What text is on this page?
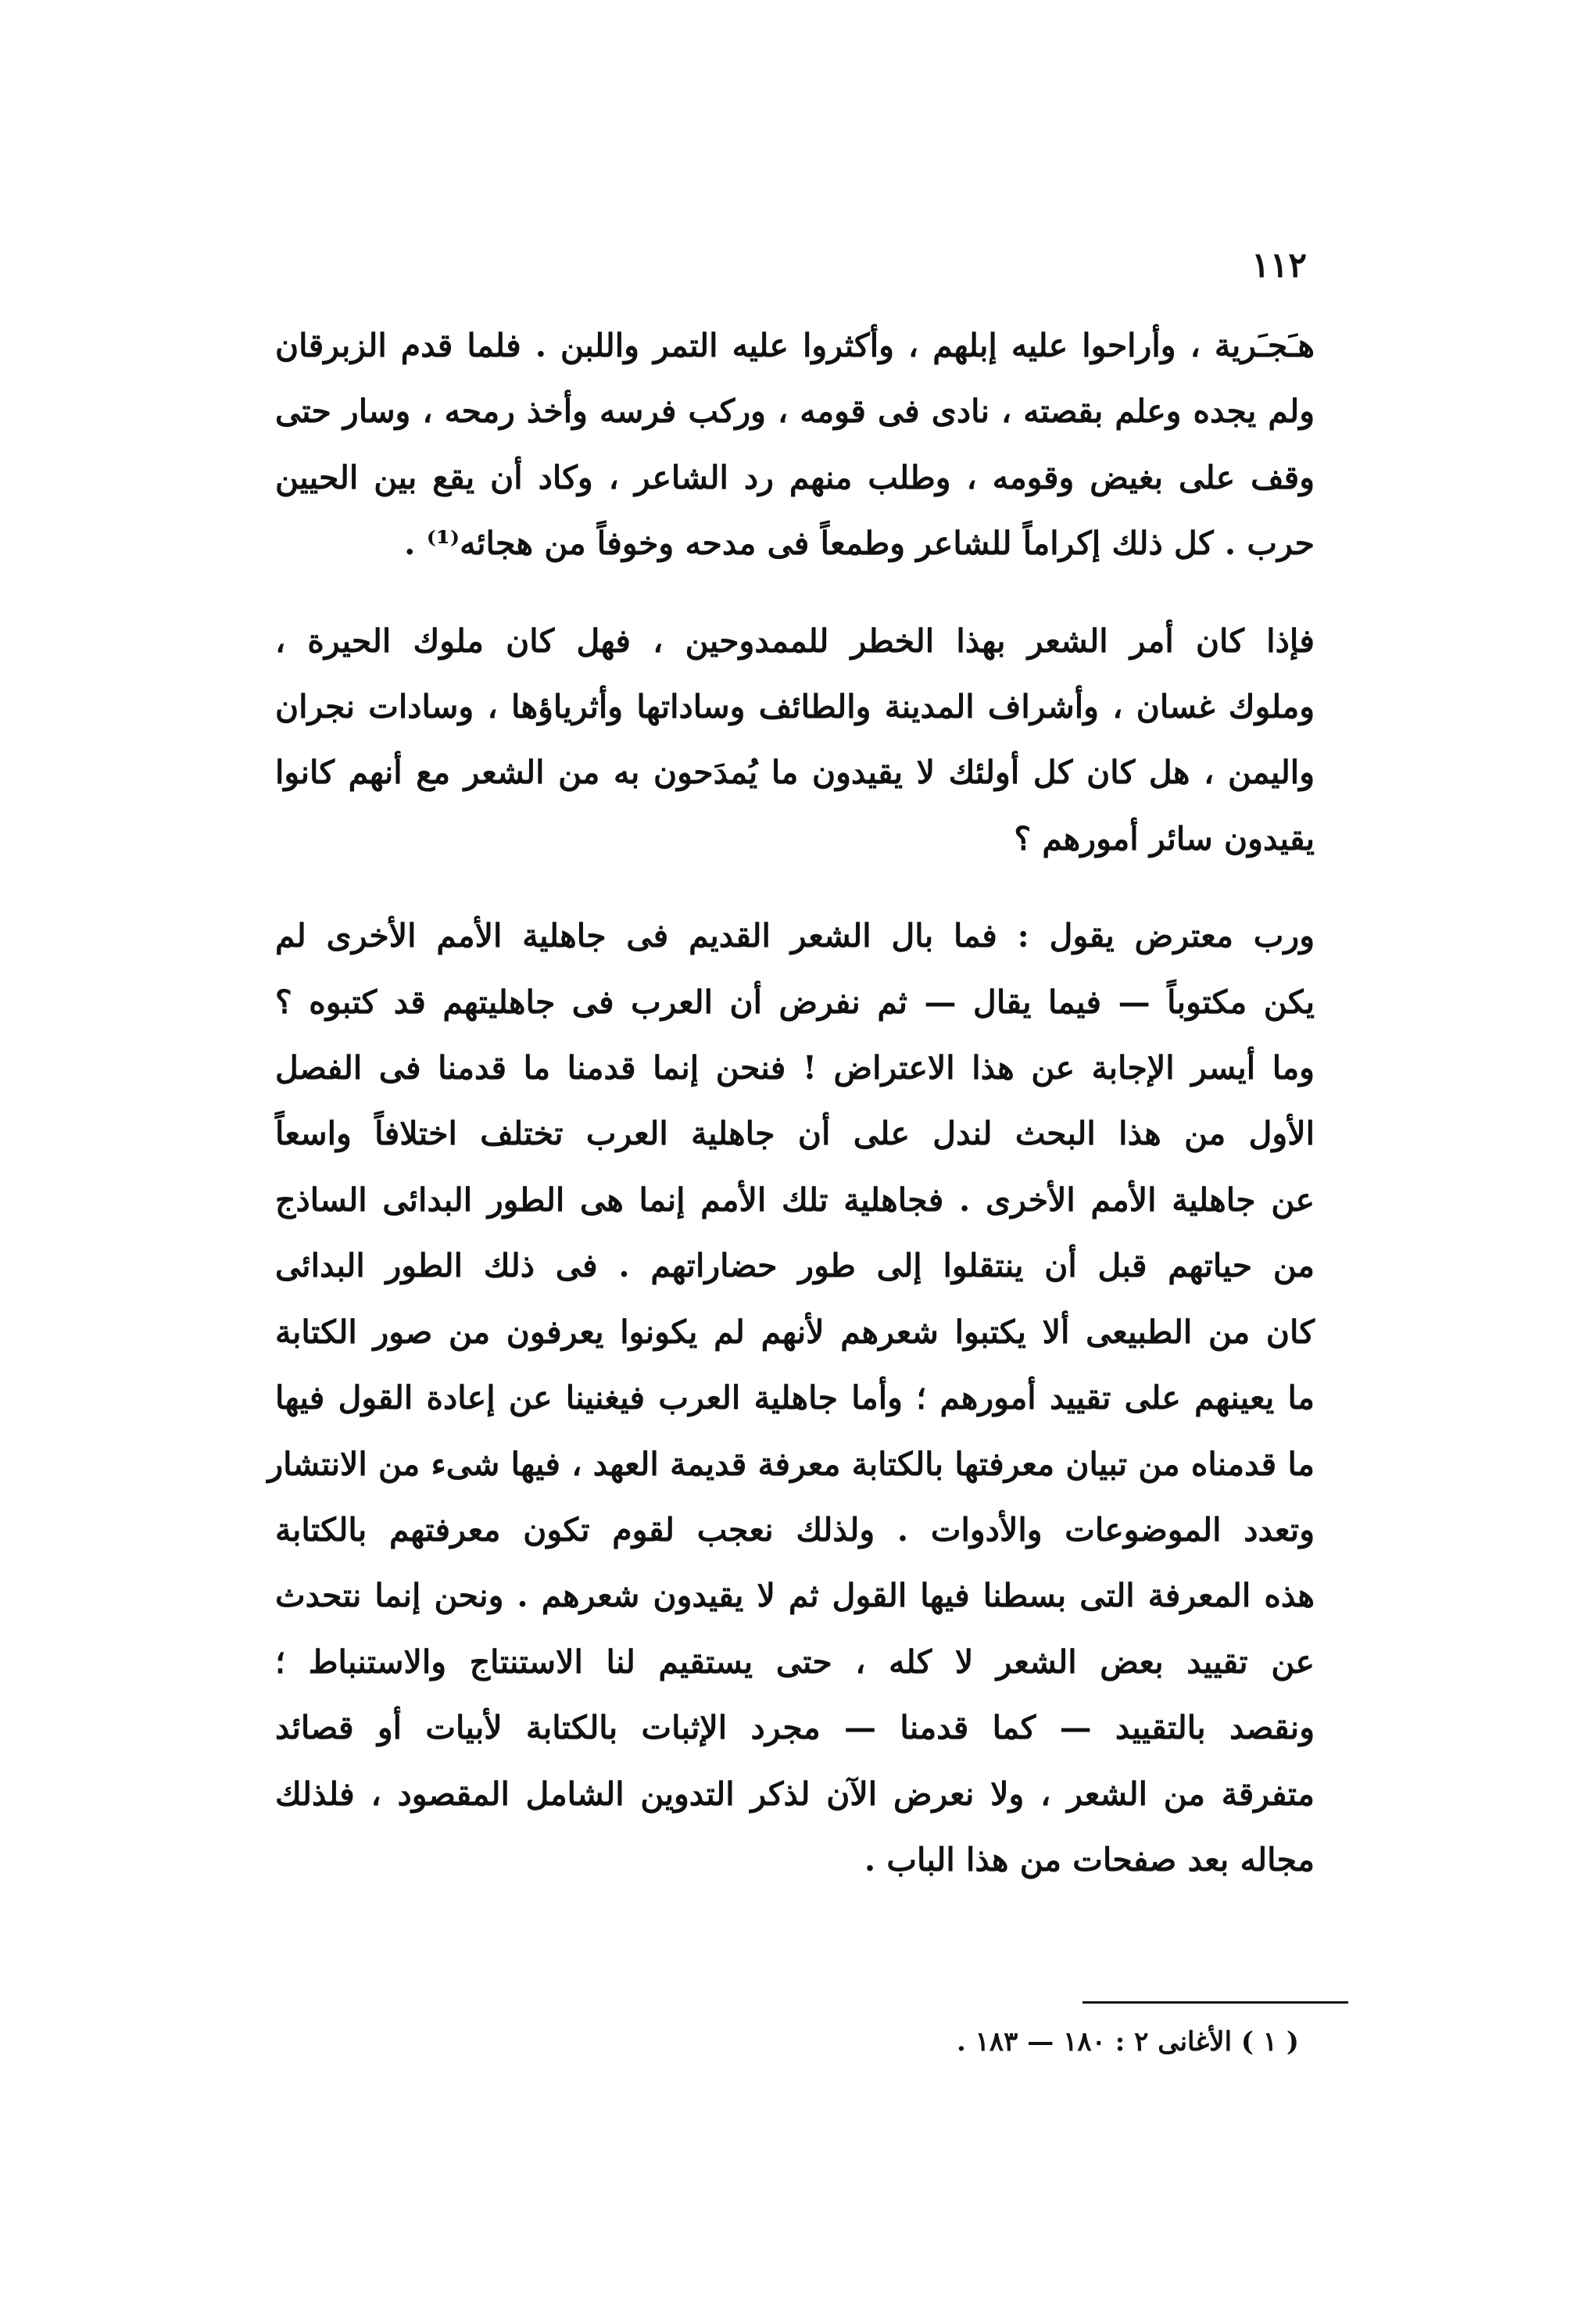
١١٢

هـَجـَرية ، وأراحوا عليه إبلهم ، وأكثروا عليه التمر واللبن . فلما قدم الزبرقان
ولم يجده وعلم بقصته ، نادى فى قومه ، وركب فرسه وأخذ رمحه ، وسار حتى
وقف على بغيض وقومه ، وطلب منهم رد الشاعر ، وكاد أن يقع بين الحيين
حرب . كل ذلك إكراماً للشاعر وطمعاً فى مدحه وخوفاً من هجائه⁽¹⁾ .

فإذا كان أمر الشعر بهذا الخطر للممدوحين ، فهل كان ملوك الحيرة ،
وملوك غسان ، وأشراف المدينة والطائف وساداتها وأثرياؤها ، وسادات نجران
واليمن ، هل كان كل أولئك لا يقيدون ما يُمدَحون به من الشعر مع أنهم كانوا
يقيدون سائر أمورهم ؟

ورب معترض يقول : فما بال الشعر القديم فى جاهلية الأمم الأخرى لم
يكن مكتوباً — فيما يقال — ثم نفرض أن العرب فى جاهليتهم قد كتبوه ؟
وما أيسر الإجابة عن هذا الاعتراض ! فنحن إنما قدمنا ما قدمنا فى الفصل
الأول من هذا البحث لندل على أن جاهلية العرب تختلف اختلافاً واسعاً
عن جاهلية الأمم الأخرى . فجاهلية تلك الأمم إنما هى الطور البدائى الساذج
من حياتهم قبل أن ينتقلوا إلى طور حضاراتهم . فى ذلك الطور البدائى
كان من الطبيعى ألا يكتبوا شعرهم لأنهم لم يكونوا يعرفون من صور الكتابة
ما يعينهم على تقييد أمورهم ؛ وأما جاهلية العرب فيغنينا عن إعادة القول فيها
ما قدمناه من تبيان معرفتها بالكتابة معرفة قديمة العهد ، فيها شىء من الانتشار
وتعدد الموضوعات والأدوات . ولذلك نعجب لقوم تكون معرفتهم بالكتابة
هذه المعرفة التى بسطنا فيها القول ثم لا يقيدون شعرهم . ونحن إنما نتحدث
عن تقييد بعض الشعر لا كله ، حتى يستقيم لنا الاستنتاج والاستنباط ؛
ونقصد بالتقييد — كما قدمنا — مجرد الإثبات بالكتابة لأبيات أو قصائد
متفرقة من الشعر ، ولا نعرض الآن لذكر التدوين الشامل المقصود ، فلذلك
مجاله بعد صفحات من هذا الباب .

( ١ ) الأغانى ٢ : ١٨٠ — ١٨٣ .
